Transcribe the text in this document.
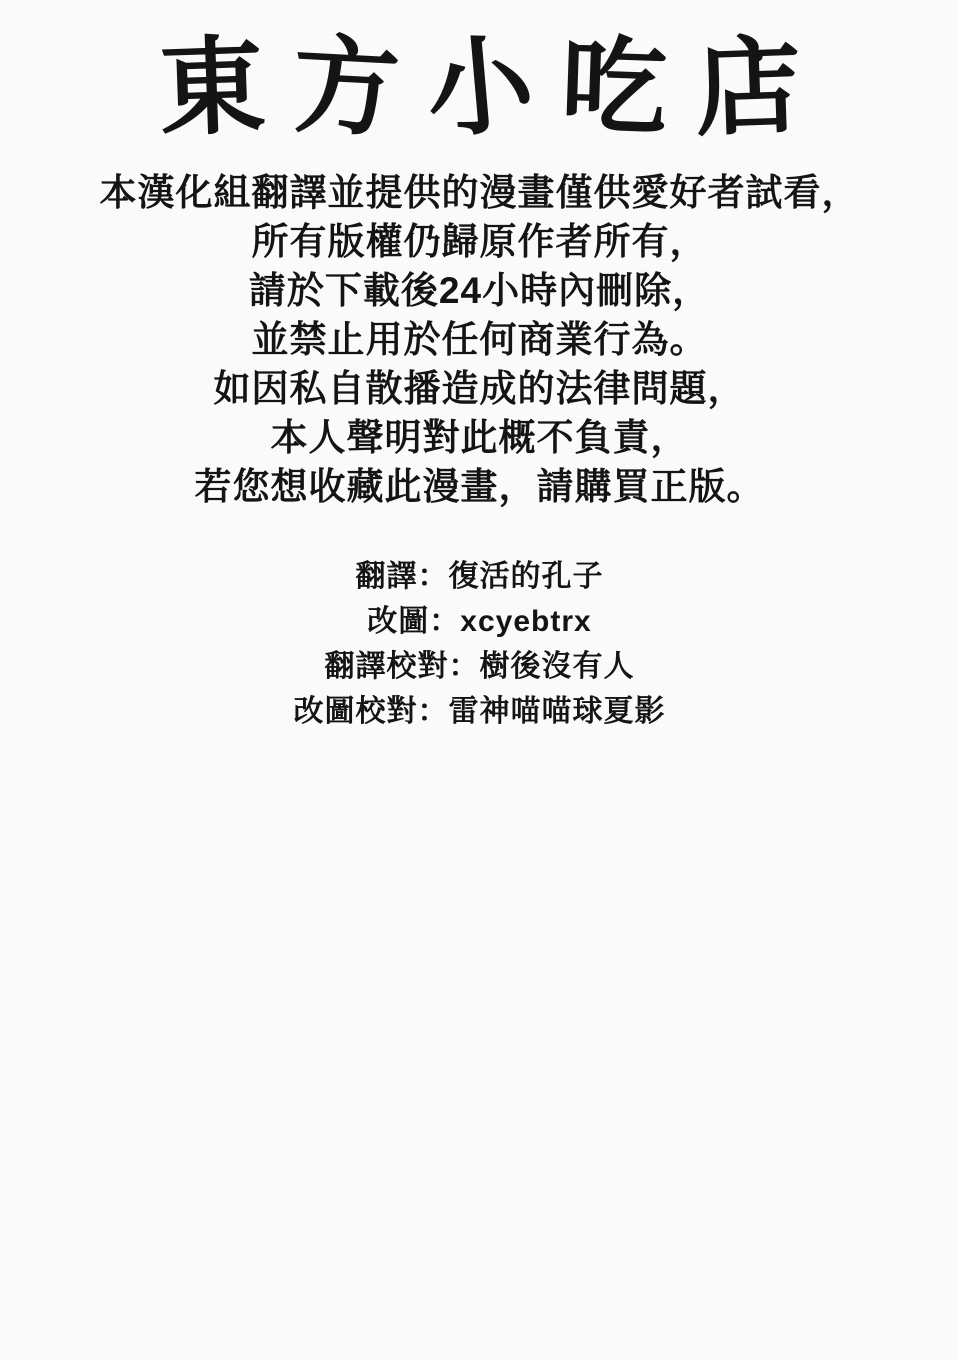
東 方 小 吃 店

本漢化組翻譯並提供的漫畫僅供愛好者試看，

所有版權仍歸原作者所有，

請於下載後24小時內刪除，

並禁止用於任何商業行為。

如因私自散播造成的法律問題，

本人聲明對此概不負責，

若您想收藏此漫畫，請購買正版。

翻譯：復活的孔子

改圖：xcyebtrx

翻譯校對：樹後沒有人

改圖校對：雷神喵喵球夏影
